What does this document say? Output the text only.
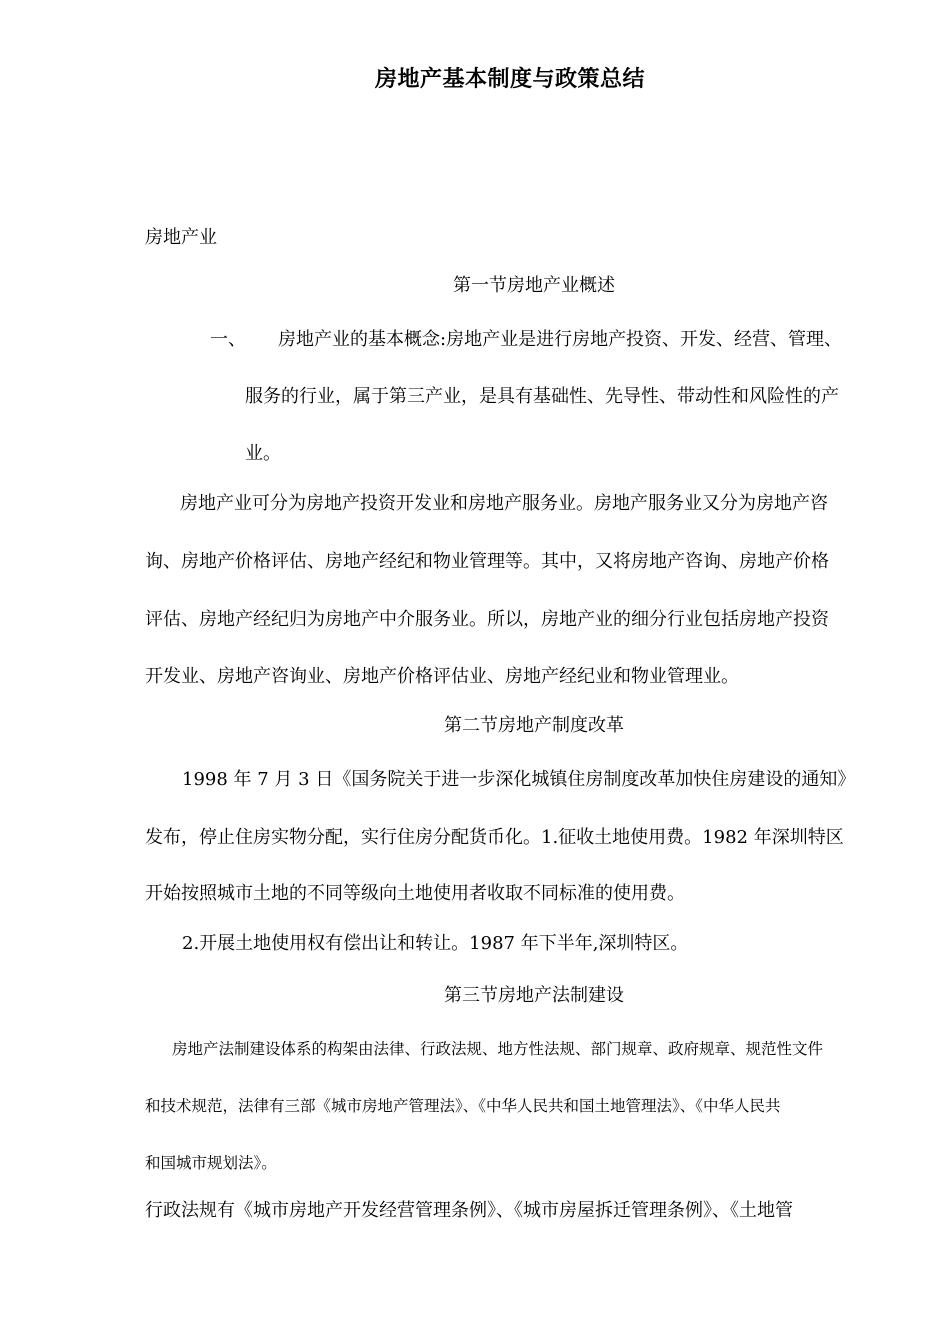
房地产基本制度与政策总结
房地产业
第一节房地产业概述
一、 房地产业的基本概念:房地产业是进行房地产投资、开发、经营、管理、
服务的行业，属于第三产业，是具有基础性、先导性、带动性和风险性的产
业。
房地产业可分为房地产投资开发业和房地产服务业。房地产服务业又分为房地产咨
询、房地产价格评估、房地产经纪和物业管理等。其中，又将房地产咨询、房地产价格
评估、房地产经纪归为房地产中介服务业。所以，房地产业的细分行业包括房地产投资
开发业、房地产咨询业、房地产价格评估业、房地产经纪业和物业管理业。
第二节房地产制度改革
1998 年 7 月 3 日《国务院关于进一步深化城镇住房制度改革加快住房建设的通知》
发布，停止住房实物分配，实行住房分配货币化。1.征收土地使用费。1982 年深圳特区
开始按照城市土地的不同等级向土地使用者收取不同标准的使用费。
2.开展土地使用权有偿出让和转让。1987 年下半年,深圳特区。
第三节房地产法制建设
房地产法制建设体系的构架由法律、行政法规、地方性法规、部门规章、政府规章、规范性文件
和技术规范，法律有三部《城市房地产管理法》、《中华人民共和国土地管理法》、《中华人民共
和国城市规划法》。
行政法规有《城市房地产开发经营管理条例》、《城市房屋拆迁管理条例》、《土地管
